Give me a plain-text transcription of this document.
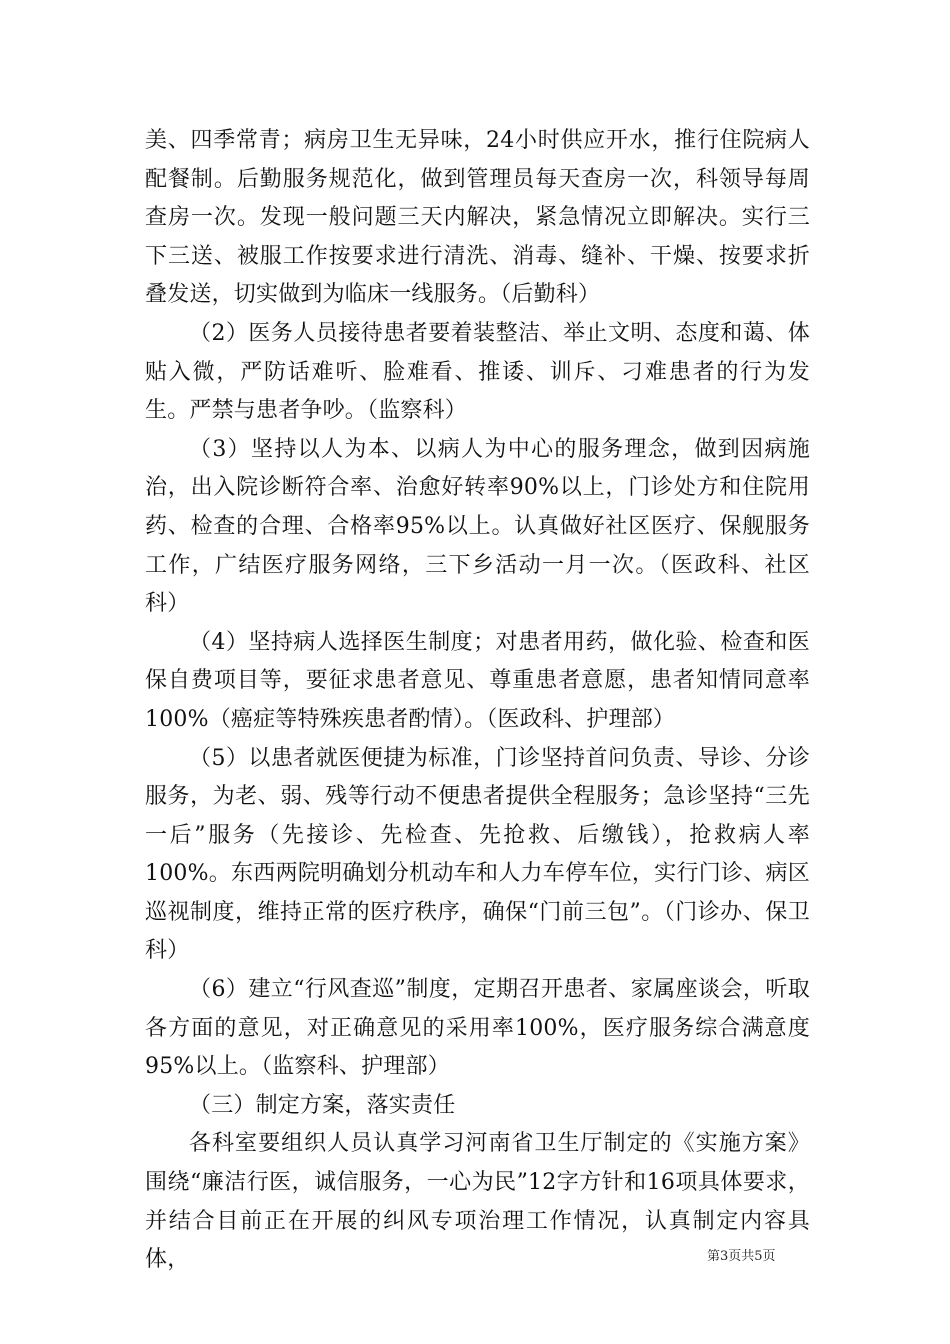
美、四季常青；病房卫生无异味，24小时供应开水，推行住院病人配餐制。后勤服务规范化，做到管理员每天查房一次，科领导每周查房一次。发现一般问题三天内解决，紧急情况立即解决。实行三下三送、被服工作按要求进行清洗、消毒、缝补、干燥、按要求折叠发送，切实做到为临床一线服务。（后勤科）

（2）医务人员接待患者要着装整洁、举止文明、态度和蔼、体贴入微，严防话难听、脸难看、推诿、训斥、刁难患者的行为发生。严禁与患者争吵。（监察科）

（3）坚持以人为本、以病人为中心的服务理念，做到因病施治，出入院诊断符合率、治愈好转率90%以上，门诊处方和住院用药、检查的合理、合格率95%以上。认真做好社区医疗、保舰服务工作，广结医疗服务网络，三下乡活动一月一次。（医政科、社区科）

（4）坚持病人选择医生制度；对患者用药，做化验、检查和医保自费项目等，要征求患者意见、尊重患者意愿，患者知情同意率100%（癌症等特殊疾患者酌情）。（医政科、护理部）

（5）以患者就医便捷为标准，门诊坚持首问负责、导诊、分诊服务，为老、弱、残等行动不便患者提供全程服务；急诊坚持“三先一后”服务（先接诊、先检查、先抢救、后缴钱），抢救病人率100%。东西两院明确划分机动车和人力车停车位，实行门诊、病区巡视制度，维持正常的医疗秩序，确保“门前三包”。（门诊办、保卫科）

（6）建立“行风查巡”制度，定期召开患者、家属座谈会，听取各方面的意见，对正确意见的采用率100%，医疗服务综合满意度95%以上。（监察科、护理部）

（三）制定方案，落实责任

各科室要组织人员认真学习河南省卫生厅制定的《实施方案》围绕“廉洁行医，诚信服务，一心为民”12字方针和16项具体要求，并结合目前正在开展的纠风专项治理工作情况，认真制定内容具体，	第3页共5页
